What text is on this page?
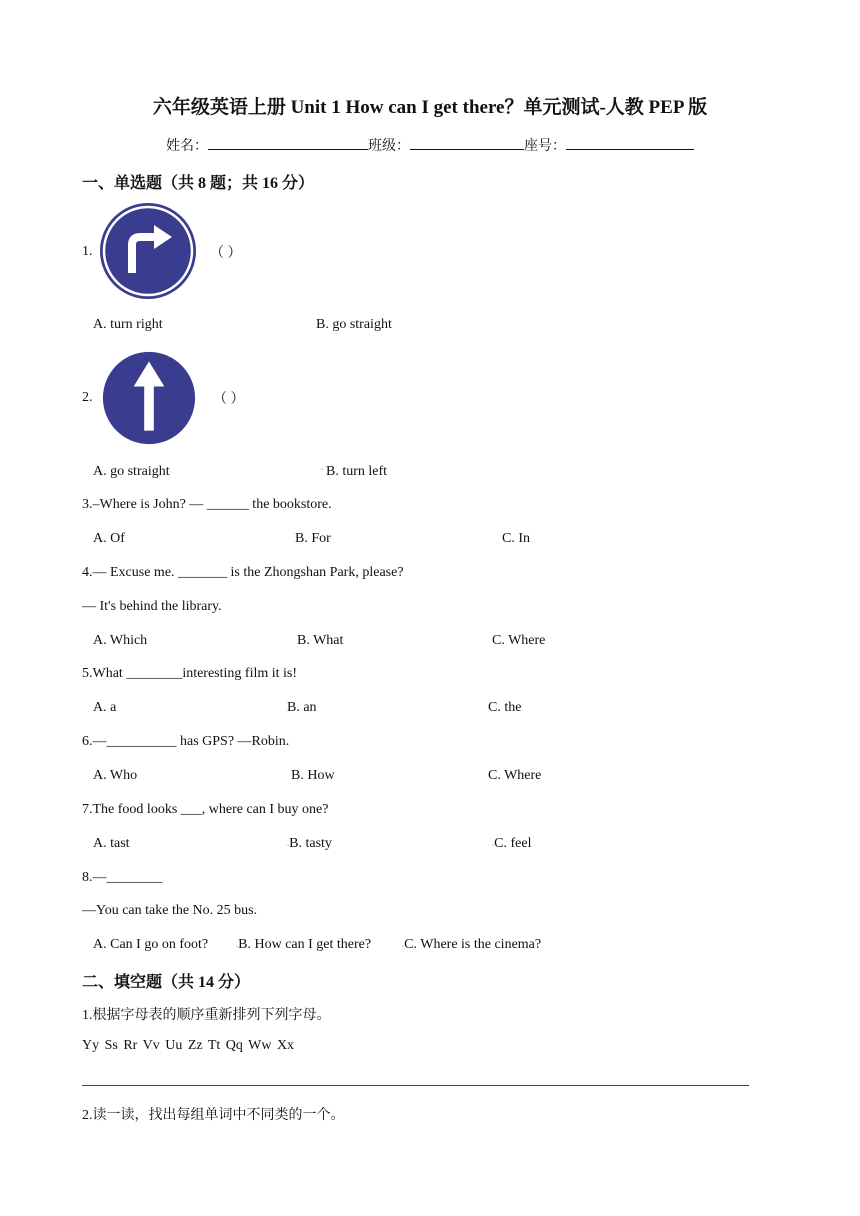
六年级英语上册 Unit 1 How can I get there？单元测试-人教 PEP 版
姓名：	班级：	座号：
一、单选题（共 8 题；共 16 分）
1.	（ ）
A. turn right	B. go straight
2.	（ ）
A. go straight	B. turn left
3.–Where is John? — ______ the bookstore.
A. Of	B. For	C. In
4.— Excuse me. _______ is the Zhongshan Park, please?
— It's behind the library.
A. Which	B. What	C. Where
5.What ________interesting film it is!
A. a	B. an	C. the
6.—__________ has GPS? —Robin.
A. Who	B. How	C. Where
7.The food looks ___, where can I buy one?
A. tast	◦B. tasty	◦C. feel
8.—________
—You can take the No. 25 bus.
A. Can I go on foot?	◦B. How can I get there?	◦C. Where is the cinema?
◦
二、填空题（共 14 分）
1.根据字母表的顺序重新排列下列字母。
Yy Ss Rr Vv Uu Zz Tt Qq Ww Xx
2.读一读，找出每组单词中不同类的一个。
